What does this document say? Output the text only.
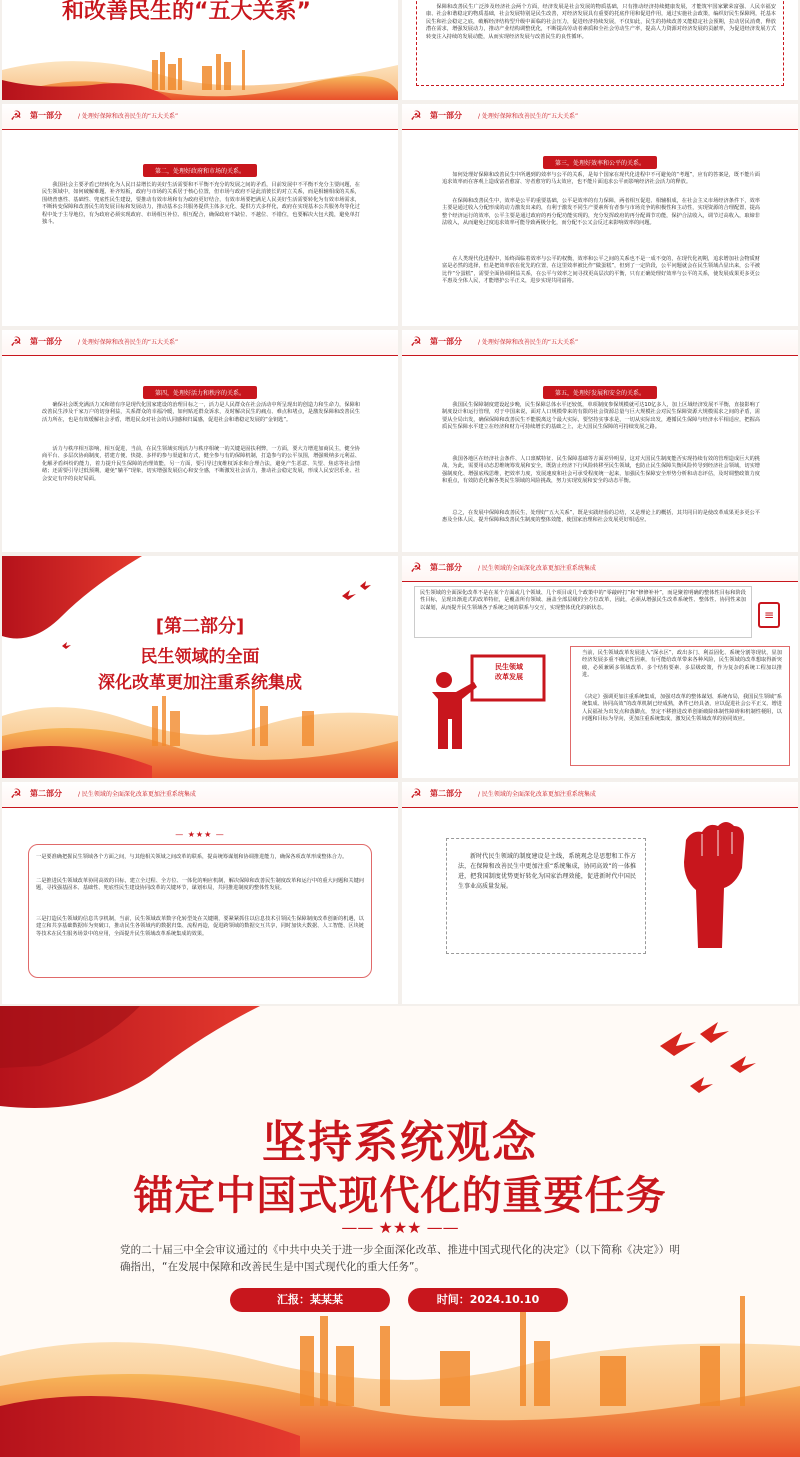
和改善民生的“五大关系”	保障和改善民生广泛涉及经济社会两个方面，经济发展是社会发展的物质基础，只有推动经济持续健康发展，才能筑牢国家繁荣富强、人民幸福安康、社会和谐稳定的物质基础，社会发展特别是民生改善，对经济发展具有重要的托底作用和促进作用，通过实施社会政策，编织好民生保障网，托基本民生和社会稳定之底，破解经济结构型升级中面临的社会压力，促进经济持续发展，不仅如此，民生的持续改善又能稳定社会预期，拉动居民消费，释放潜在需求，增强发展动力，推动产业结构调整优化，不断提高劳动者素质和全社会劳动生产率，提高人力资源对经济发展的贡献率，为促进经济发展方式转变注入持续的发展动能，从而实现经济发展与改善民生的良性循环。

☭ 第一部分	/ 处理好保障和改善民生的“五大关系”
第二，处理好政府和市场的关系。

我国社会主要矛盾已经转化为人民日益增长的美好生活需要和不平衡不充分的发展之间的矛盾，目前发展中不平衡不充分主要问题，在民生领域中，如何破解难题、补齐短板，政府与市场的关系居于核心位置，但市场与政府不是此消彼长的对立关系，而是相辅相成的关系，围绕普惠性、基础性、兜底性民生建设，要推动有效市场和有为政府更好结合，有效市场要把满足人民美好生活需要转化为有效市场需求，不断转变保障和改善民生的发展目标和发展动力，推动基本公共服务提供主体多元化、提供方式多样化，政府在实现基本公共服务均等化过程中处于主导地位，有为政府必须实现政府、市场相互补位、相互配合，确保政府不缺位、不越位、不错位，也要解决大包大揽，避免单打独斗。

☭ 第一部分	/ 处理好保障和改善民生的“五大关系”
第三，处理好效率和公平的关系。

如何处理好保障和改善民生中所遇到的效率与公平的关系，是每个国家在现代化进程中不可避免的“考题”，应有的答案是，既不能片面追求效率而在客观上造成富者愈富、穷者愈穷的马太效应，也不能片面追求公平而影响经济社会活力的释放。

在保障和改善民生中，效率是公平的重要基础，公平是效率的有力保障，两者相互促进、相辅相成，在社会主义市场经济条件下，效率主要是通过收入分配形成的动力激发出来的，有利于激发不同生产要素所有者参与市场竞争的积极性和主动性，实现资源的合理配置，提高整个经济运行的效率，公平主要是通过政府的再分配功能实现的，充分发挥政府的再分配调节功能，保护合法收入，调节过高收入，取缔非法收入，从而避免过度追求效率可能导致两极分化，而分配不公又会反过来影响效率的问题。

在人类现代化进程中，始终面临着效率与公平的权衡，效率和公平之间的关系也不是一成不变的，在现代化初期，追求增加社会物质财富是必然的选择，但是把效率放在优先的位置，在这里效率被比作“做蛋糕”，但到了一定阶段，公平问题就会在民生领域凸显出来，公平被比作“分蛋糕”，需要全面协调利益关系，在公平与效率之间寻找更高层次的平衡，只有正确处理好效率与公平的关系，使发展成果更多更公平惠及全体人民，才能增护公平正义，进步实现共同富裕。

☭ 第一部分	/ 处理好保障和改善民生的“五大关系”
第四，处理好活力和秩序的关系。

确保社会既充满活力又和谐有序是现代化国家建设的治理目标之一，活力是人民群众在社会活动中所呈现出的创造力和生命力，保障和改善民生涉及千家万户的切身利益，关系群众的幸福冷暖，如何贴近群众诉求，及时解决民生的痛点、难点和堵点，是激发保障和改善民生活力所在，也是有效缓解社会矛盾，增进民众对社会的认同感和归属感，促进社会和谐稳定发展的“金钥匙”。

活力与秩序相互影响，相互促进，当前，在民生领域实现活力与秩序相统一的关键是固扶利弊，一方面，要大力增进加商民主，健全协商平台、多层次协商制度，搭建方便、快捷、多样的参与渠道和方式，健全参与有的保障机制，打造参与的公平氛围，增强吸纳多元利益、化解矛盾纠纷的能力，着力提升民生保障的治理效能，另一方面，要引导过度维权诉求和合理合法，避免产生恶意、失望、焦虑等社会情绪；还需要引导过低预期，避免“躺平”现象，切实增强发展信心和安全感，不断激发社会活力，推动社会稳定发展，形成人民安居乐业、社会安定有序的良好局面。

☭ 第一部分	/ 处理好保障和改善民生的“五大关系”
第五，处理好发展和安全的关系。

我国民生保障制度建设起步晚，民生保障总体水平还较低，单项制度参保规模就可达10亿多人，加上区域经济发展不平衡，直接影响了制度设计和运行管理，对于中国来说，面对人口规模带来的有限的社会资源总量与巨大规模社会对民生保障资源大规模需求之间的矛盾，需要从全局出发，确保保障和改善民生不能脱离这个最大实际，要坚持实事求是，一切从实际出发，遵循民生保障与经济水平相适应，把握高质民生保障水平建立在经济和财力可持续增长的基础之上，走大国民生保障的可持续发展之路。

我国各地区在经济社会条件、人口禀赋特征、民生保障基础等方面差异明显，这对大国民生制度能否实现持续有效的管理造成巨大的挑战，为此，需要用动态思维统筹发展和安全，既防止经济下行风险转移至民生领域，也防止民生保障失衡风险传导到经济社会领域，切实增强制度化、增强底线思维，把效率力度，发展速度和社会可承受程度统一起来，加强民生保障安全形势分析和动态评估，及时调整政策力度和重点，有效防范化解各类民生领域的风险挑战，努力实现发展和安全的动态平衡。

总之，在发展中保障和改善民生，处理好“五大关系”，既是实践经验的总结，又是理论上的概括，其共同目的是使改革成果更多更公平惠及全体人民，提升保障和改善民生制度的整体效能，使国家治理和社会发展更好相适应。

[第二部分]
民生领域的全面
深化改革更加注重系统集成
☭ 第二部分	/ 民生领域的全面深化改革更加注重系统集成

民生领域的全面深化改革不是在某个方面或几个领域、几个项目或几个政策中的“零敲碎打”和“修修补补”，而是聚着明确的整体性目标和阶段性目标，呈现出渐进式的改革特征，是覆盖所有领域、涵盖全部层级的全方位改革，因此，必须从增强民生改革系统性、整体性、协同性来加以谋划，从而提升民生领域各子系统之间的联系与交互，实现整体优化的新状态。

≡
民生领域
改革发展

当前，民生领域改革发展进入“深水区”，政出多门、利益固化、系统分割等现状，显加经济发展多重不确定性因素，有可能给改革带来各种风险，民生领域的改革想取得新突破，必须兼顾多领域改革、多个结构要素、多层级政策，作为复杂的系统工程加以推进。

《决定》强调更加注重系统集成，加强对改革的整体谋划、系统布局，我国民生领域“系统集成、协同高效”的改革机制已经成熟，条件已经具备，应以促进社会公平正义、增进人民福祉为出发点和落脚点，坚定不移推进改革创新破除体制性障碍和机制性梗阻，以问题和目标为导向，更加注重系统集成，激发民生领域改革的协同效应。

☭ 第二部分	/ 民生领域的全面深化改革更加注重系统集成
— ★★★ —

一是要准确把握民生领域各个方面之间，与其他相关领域之间改革的联系，提高统筹谋划和协调推进能力，确保各项改革形成整体合力。

二是推进民生领域改革协同高效的目标，建立全过程、全方位、一体化的响应机制，解决保障和改善民生制度改革和运行中的重大问题和关键问题，寻找强基固本、基础性、兜底性民生建设协同改革的关键环节，谋划布局，共同推进制度的整体性发展。

三是打造民生领域的信息共享机制，当前，民生领域改革数字化转型处在关键期，要紧紧抓住以信息技术引领民生保障制度改革创新的机遇，以建立和共享基础数据库为突破口，推动民生各领域内的数据归集、流程再造，促进跨领域的数据交互共享，同时加快大数据、人工智能、区块链等技术在民生服务场景中的应用，全面提升民生领域改革系统集成的效果。

☭ 第二部分	/ 民生领域的全面深化改革更加注重系统集成

新时代民生领域的制度建设是主线，系统观念是思想和工作方法，在保障和改善民生中更加注重“系统集成，协同高效”的一体推进，把我国制度优势更好转化为国家治理效能，促进新时代中国民生事业高质量发展。

坚持系统观念
锚定中国式现代化的重要任务
—— ★★★ ——

党的二十届三中全会审议通过的《中共中央关于进一步全面深化改革、推进中国式现代化的决定》（以下简称《决定》）明确指出，“在发展中保障和改善民生是中国式现代化的重大任务”。

汇报：某某某	时间：2024.10.10
